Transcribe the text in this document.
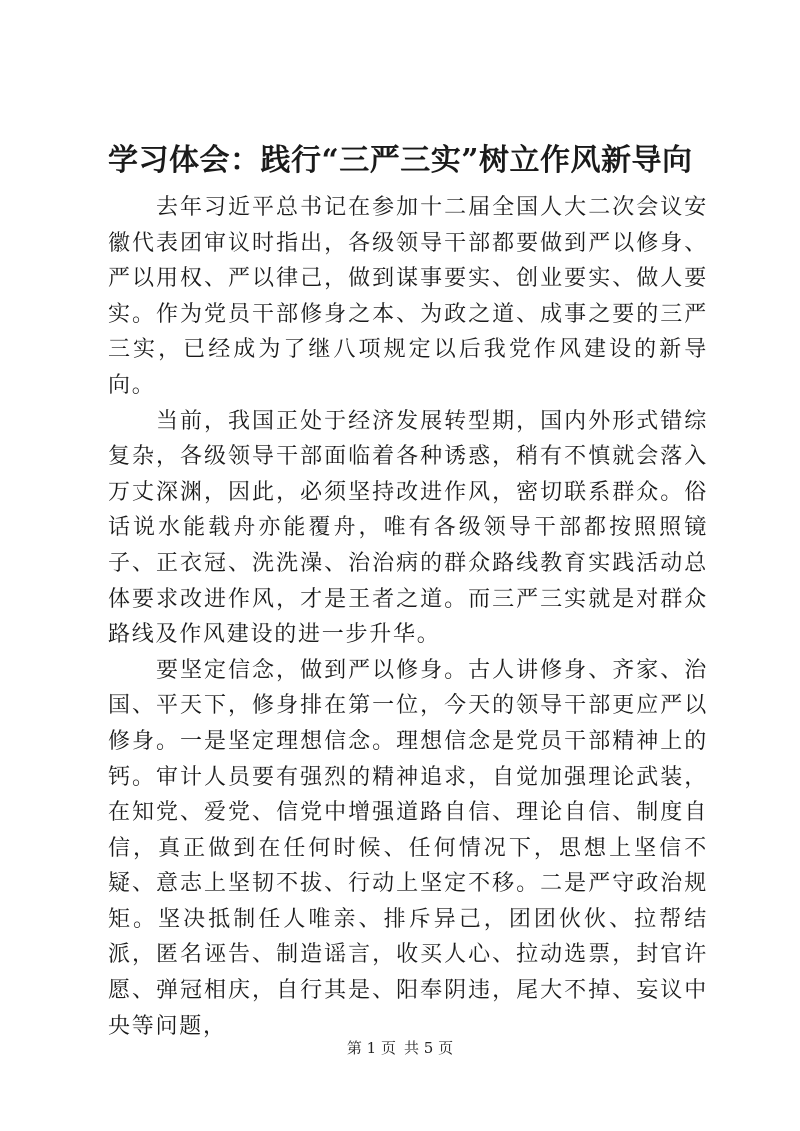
学习体会：践行“三严三实”树立作风新导向

去年习近平总书记在参加十二届全国人大二次会议安徽代表团审议时指出，各级领导干部都要做到严以修身、严以用权、严以律己，做到谋事要实、创业要实、做人要实。作为党员干部修身之本、为政之道、成事之要的三严三实，已经成为了继八项规定以后我党作风建设的新导向。

当前，我国正处于经济发展转型期，国内外形式错综复杂，各级领导干部面临着各种诱惑，稍有不慎就会落入万丈深渊，因此，必须坚持改进作风，密切联系群众。俗话说水能载舟亦能覆舟，唯有各级领导干部都按照照镜子、正衣冠、洗洗澡、治治病的群众路线教育实践活动总体要求改进作风，才是王者之道。而三严三实就是对群众路线及作风建设的进一步升华。

要坚定信念，做到严以修身。古人讲修身、齐家、治国、平天下，修身排在第一位，今天的领导干部更应严以修身。一是坚定理想信念。理想信念是党员干部精神上的钙。审计人员要有强烈的精神追求，自觉加强理论武装，在知党、爱党、信党中增强道路自信、理论自信、制度自信，真正做到在任何时候、任何情况下，思想上坚信不疑、意志上坚韧不拔、行动上坚定不移。二是严守政治规矩。坚决抵制任人唯亲、排斥异己，团团伙伙、拉帮结派，匿名诬告、制造谣言，收买人心、拉动选票，封官许愿、弹冠相庆，自行其是、阳奉阴违，尾大不掉、妄议中央等问题，

第 1 页 共 5 页
